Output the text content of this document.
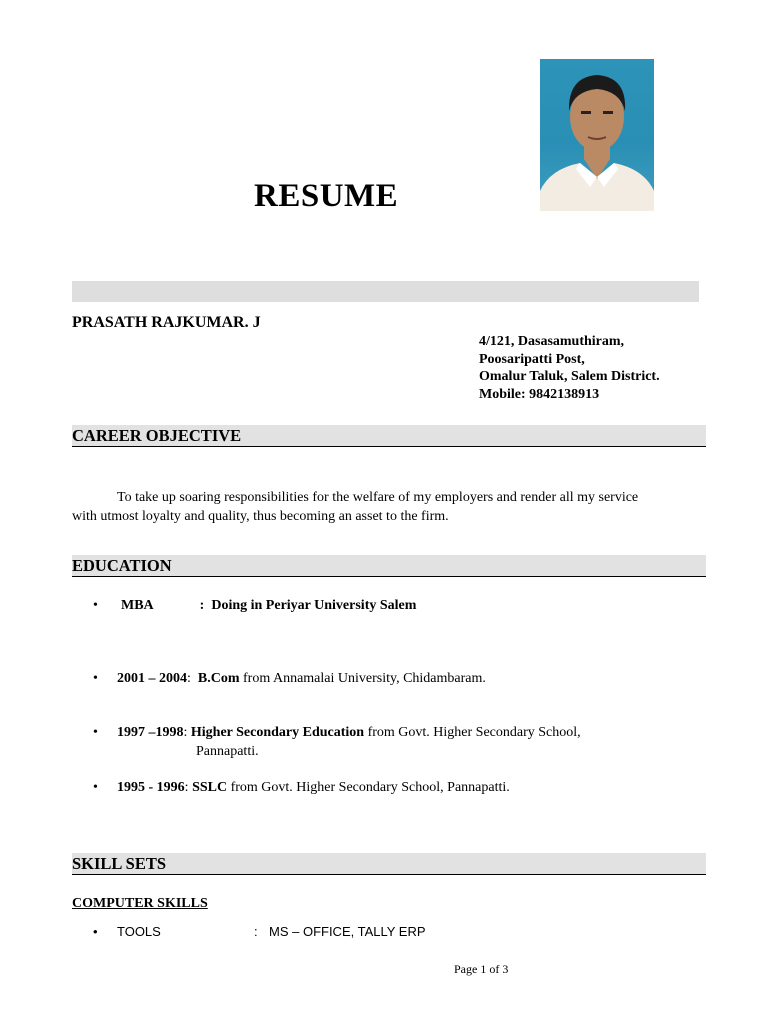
RESUME
PRASATH RAJKUMAR. J
4/121, Dasasamuthiram,
Poosaripatti Post,
Omalur Taluk, Salem District.
Mobile: 9842138913
CAREER OBJECTIVE
To take up soaring responsibilities for the welfare of my employers and render all my service
with utmost loyalty and quality, thus becoming an asset to the firm.
EDUCATION
• MBA	: Doing in Periyar University Salem
• 2001 – 2004: B.Com from Annamalai University, Chidambaram.
• 1997 –1998: Higher Secondary Education from Govt. Higher Secondary School,
Pannapatti.
• 1995 - 1996: SSLC from Govt. Higher Secondary School, Pannapatti.
SKILL SETS
COMPUTER SKILLS
• TOOLS	: MS – OFFICE, TALLY ERP
Page 1 of 3
